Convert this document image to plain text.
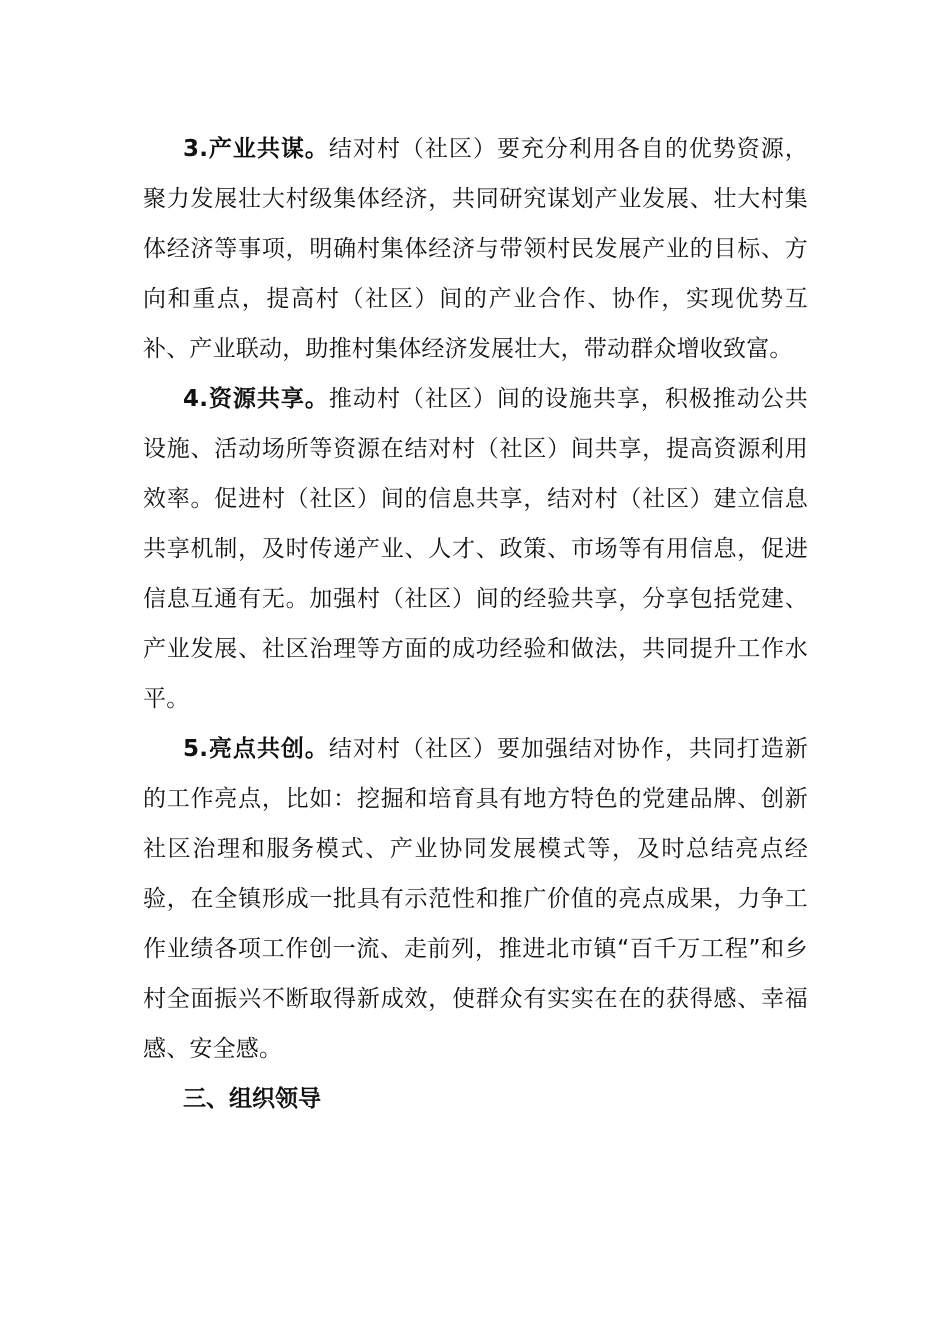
3.产业共谋。结对村（社区）要充分利用各自的优势资源，聚力发展壮大村级集体经济，共同研究谋划产业发展、壮大村集体经济等事项，明确村集体经济与带领村民发展产业的目标、方向和重点，提高村（社区）间的产业合作、协作，实现优势互补、产业联动，助推村集体经济发展壮大，带动群众增收致富。

4.资源共享。推动村（社区）间的设施共享，积极推动公共设施、活动场所等资源在结对村（社区）间共享，提高资源利用效率。促进村（社区）间的信息共享，结对村（社区）建立信息共享机制，及时传递产业、人才、政策、市场等有用信息，促进信息互通有无。加强村（社区）间的经验共享，分享包括党建、产业发展、社区治理等方面的成功经验和做法，共同提升工作水平。

5.亮点共创。结对村（社区）要加强结对协作，共同打造新的工作亮点，比如：挖掘和培育具有地方特色的党建品牌、创新社区治理和服务模式、产业协同发展模式等，及时总结亮点经验，在全镇形成一批具有示范性和推广价值的亮点成果，力争工作业绩各项工作创一流、走前列，推进北市镇“百千万工程”和乡村全面振兴不断取得新成效，使群众有实实在在的获得感、幸福感、安全感。

三、组织领导
